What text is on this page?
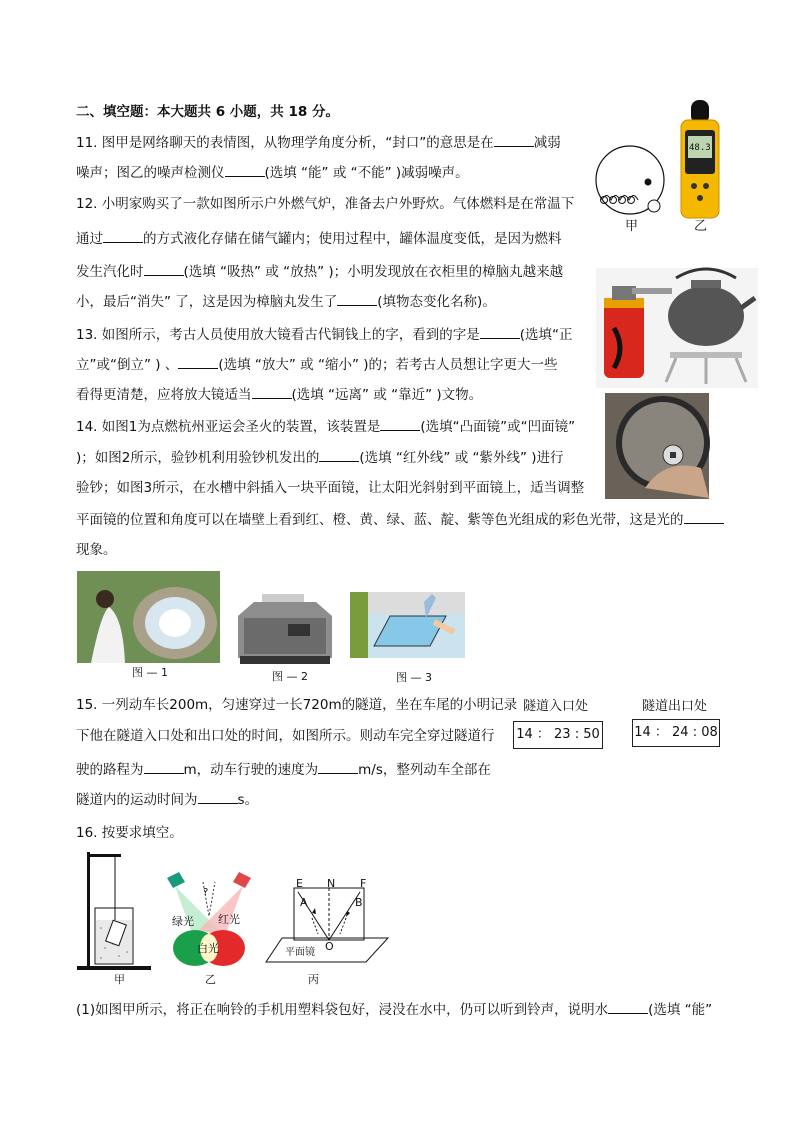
二、填空题：本大题共 6 小题，共 18 分。
11. 图甲是网络聊天的表情图，从物理学角度分析，“封口”的意思是在	减弱
噪声；图乙的噪声检测仪	(选填 “能” 或 “不能” )减弱噪声。
甲
48.3
乙
12. 小明家购买了一款如图所示户外燃气炉，准备去户外野炊。气体燃料是在常温下
通过	的方式液化存储在储气罐内；使用过程中，罐体温度变低，是因为燃料
发生汽化时	(选填 “吸热” 或 “放热” )；小明发现放在衣柜里的樟脑丸越来越
小，最后“消失” 了，这是因为樟脑丸发生了	(填物态变化名称)。
13. 如图所示，考古人员使用放大镜看古代铜钱上的字，看到的字是	(选填“正
立”或“倒立” ) 、	(选填 “放大” 或 “缩小” )的；若考古人员想让字更大一些
看得更清楚，应将放大镜适当	(选填 “远离” 或 “靠近” )文物。
14. 如图1为点燃杭州亚运会圣火的装置，该装置是	(选填“凸面镜”或“凹面镜”
)；如图2所示，验钞机利用验钞机发出的	(选填 “红外线” 或 “紫外线” )进行
验钞；如图3所示，在水槽中斜插入一块平面镜，让太阳光斜射到平面镜上，适当调整
平面镜的位置和角度可以在墙壁上看到红、橙、黄、绿、蓝、靛、紫等色光组成的彩色光带，这是光的
现象。
图 — 1	图 — 2	图 — 3
15. 一列动车长200m，匀速穿过一长720m的隧道，坐在车尾的小明记录
下他在隧道入口处和出口处的时间，如图所示。则动车完全穿过隧道行
驶的路程为	m，动车行驶的速度为	m/s，整列动车全部在
隧道内的运动时间为	s。
隧道入口处
14 ： 23 : 50
隧道出口处
14 ： 24 : 08
16. 按要求填空。
甲
?
绿光 红光
白光
乙
E N F
A	B
O
平面镜
丙
(1)如图甲所示，将正在响铃的手机用塑料袋包好，浸没在水中，仍可以听到铃声，说明水	(选填 “能”
